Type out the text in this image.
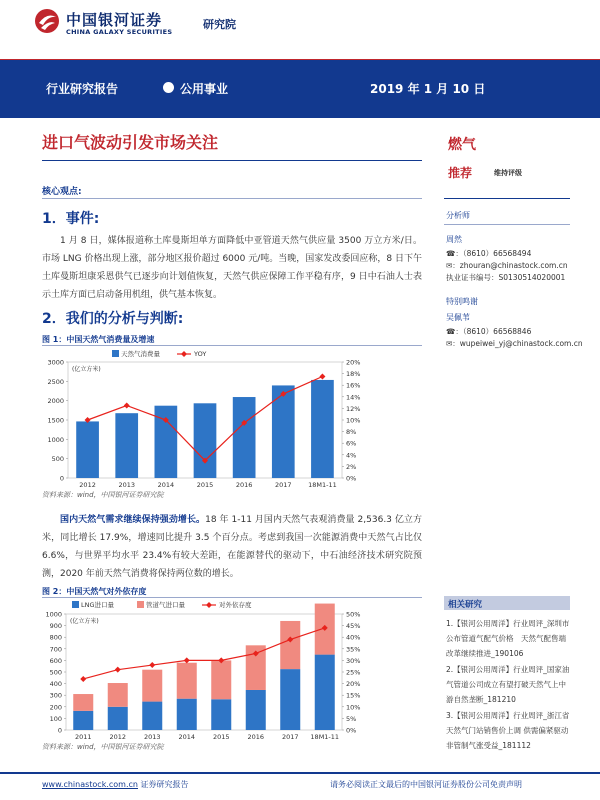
中国银河证券
CHINA GALAXY SECURITIES
研究院
行业研究报告	公用事业	2019 年 1 月 10 日
进口气波动引发市场关注
核心观点:
1．事件:
1 月 8 日，媒体报道称土库曼斯坦单方面降低中亚管道天然气供应量 3500 万立方米/日。市场 LNG 价格出现上涨，部分地区报价超过 6000 元/吨。当晚，国家发改委回应称，8 日下午土库曼斯坦康采恩供气已逐步向计划值恢复，天然气供应保障工作平稳有序，9 日中石油人士表示土库方面已启动备用机组，供气基本恢复。
2．我们的分析与判断:
图 1：中国天然气消费量及增速
0
500
1000
1500
2000
2500
3000
0%
2%
4%
6%
8%
10%
12%
14%
16%
18%
20%
(亿立方米)
2012	2013	2014	2015	2016	2017	18M1-11
天然气消费量	YOY
资料来源：wind，中国银河证券研究院
国内天然气需求继续保持强劲增长。18 年 1-11 月国内天然气表观消费量 2,536.3 亿立方米，同比增长 17.9%，增速同比提升 3.5 个百分点。考虑到我国一次能源消费中天然气占比仅 6.6%，与世界平均水平 23.4%有较大差距，在能源替代的驱动下，中石油经济技术研究院预测，2020 年前天然气消费将保持两位数的增长。
图 2：中国天然气对外依存度
0
100
200
300
400
500
600
700
800
900
1000
0%
5%
10%
15%
20%
25%
30%
35%
40%
45%
50%
(亿立方米)
2011	2012	2013	2014	2015	2016	2017 18M1-11
LNG进口量	管道气进口量	对外依存度
资料来源：wind，中国银河证券研究院
燃气
推荐	维持评级
分析师
周然
☎：（8610）66568494
✉：zhouran@chinastock.com.cn
执业证书编号：S0130514020001
特别鸣谢
吴佩苇
☎：（8610）66568846
✉：wupeiwei_yj@chinastock.com.cn
相关研究
1.【银河公用周洋】行业周评_深圳市公布管道气配气价格　天然气配售端改革继续推进_190106
2.【银河公用周洋】行业周评_国家油气管道公司成立有望打破天然气上中游自然垄断_181210
3.【银河公用周洋】行业周评_浙江省天然气门站销售价上调 供需偏紧驱动非管制气涨受益_181112
www.chinastock.com.cn 证券研究报告	请务必阅读正文最后的中国银河证券股份公司免责声明
